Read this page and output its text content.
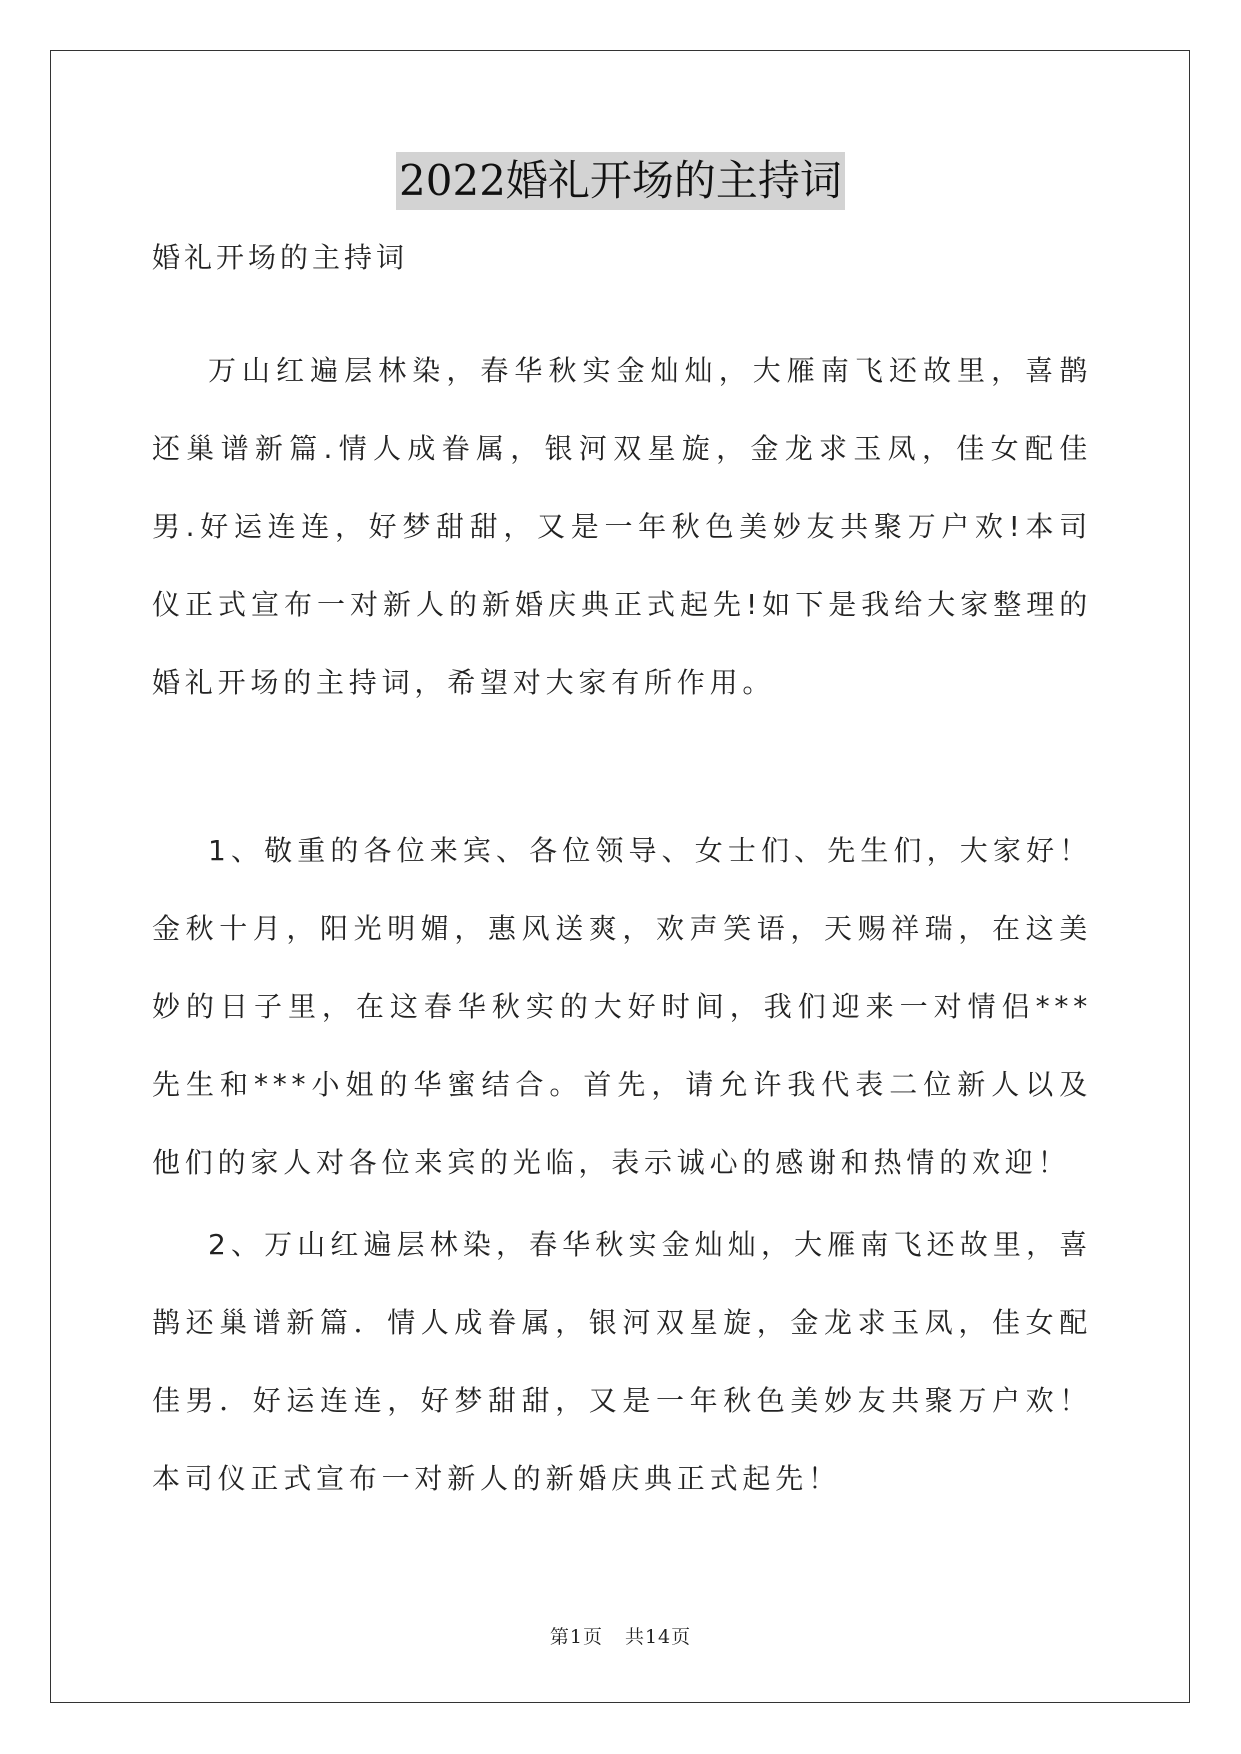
2022婚礼开场的主持词
婚礼开场的主持词

万山红遍层林染，春华秋实金灿灿，大雁南飞还故里，喜鹊还巢谱新篇.情人成眷属，银河双星旋，金龙求玉凤，佳女配佳男.好运连连，好梦甜甜，又是一年秋色美妙友共聚万户欢!本司仪正式宣布一对新人的新婚庆典正式起先!如下是我给大家整理的婚礼开场的主持词，希望对大家有所作用。

1、敬重的各位来宾、各位领导、女士们、先生们，大家好！金秋十月，阳光明媚，惠风送爽，欢声笑语，天赐祥瑞，在这美妙的日子里，在这春华秋实的大好时间，我们迎来一对情侣***先生和***小姐的华蜜结合。首先，请允许我代表二位新人以及他们的家人对各位来宾的光临，表示诚心的感谢和热情的欢迎！

2、万山红遍层林染，春华秋实金灿灿，大雁南飞还故里，喜鹊还巢谱新篇．情人成眷属，银河双星旋，金龙求玉凤，佳女配佳男．好运连连，好梦甜甜，又是一年秋色美妙友共聚万户欢！本司仪正式宣布一对新人的新婚庆典正式起先！

第1页 共14页
